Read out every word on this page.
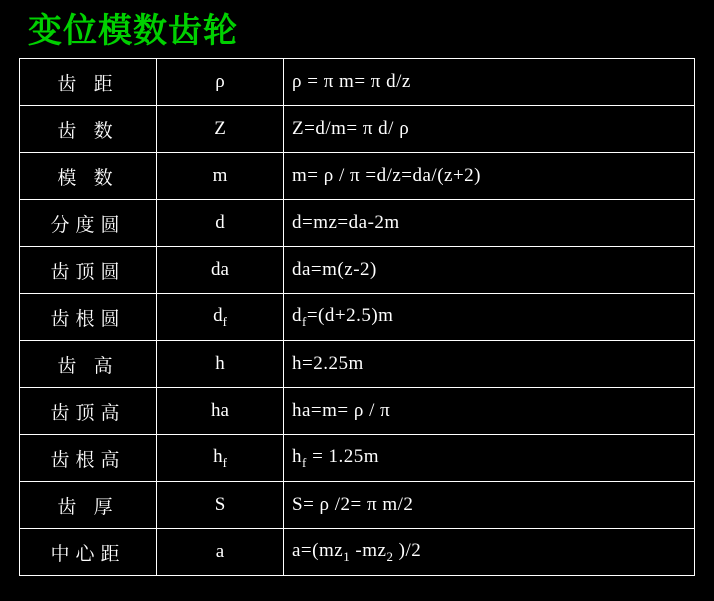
变位模数齿轮
齿 距	ρ	ρ = π m= π d/z
齿 数	Z	Z=d/m= π d/ ρ
模 数	m	m= ρ / π =d/z=da/(z+2)
分度圆	d	d=mz=da-2m
齿顶圆	da	da=m(z-2)
齿根圆	$d_f$	$d_f=(d+2.5)m$
齿 高	h	h=2.25m
齿顶高	ha	ha=m= ρ / π
齿根高	$h_f$	$h_f = 1.25m$
齿 厚	S	S= ρ /2= π m/2
中心距	a	$a=(mz_1$ $-mz_2$ )/2
